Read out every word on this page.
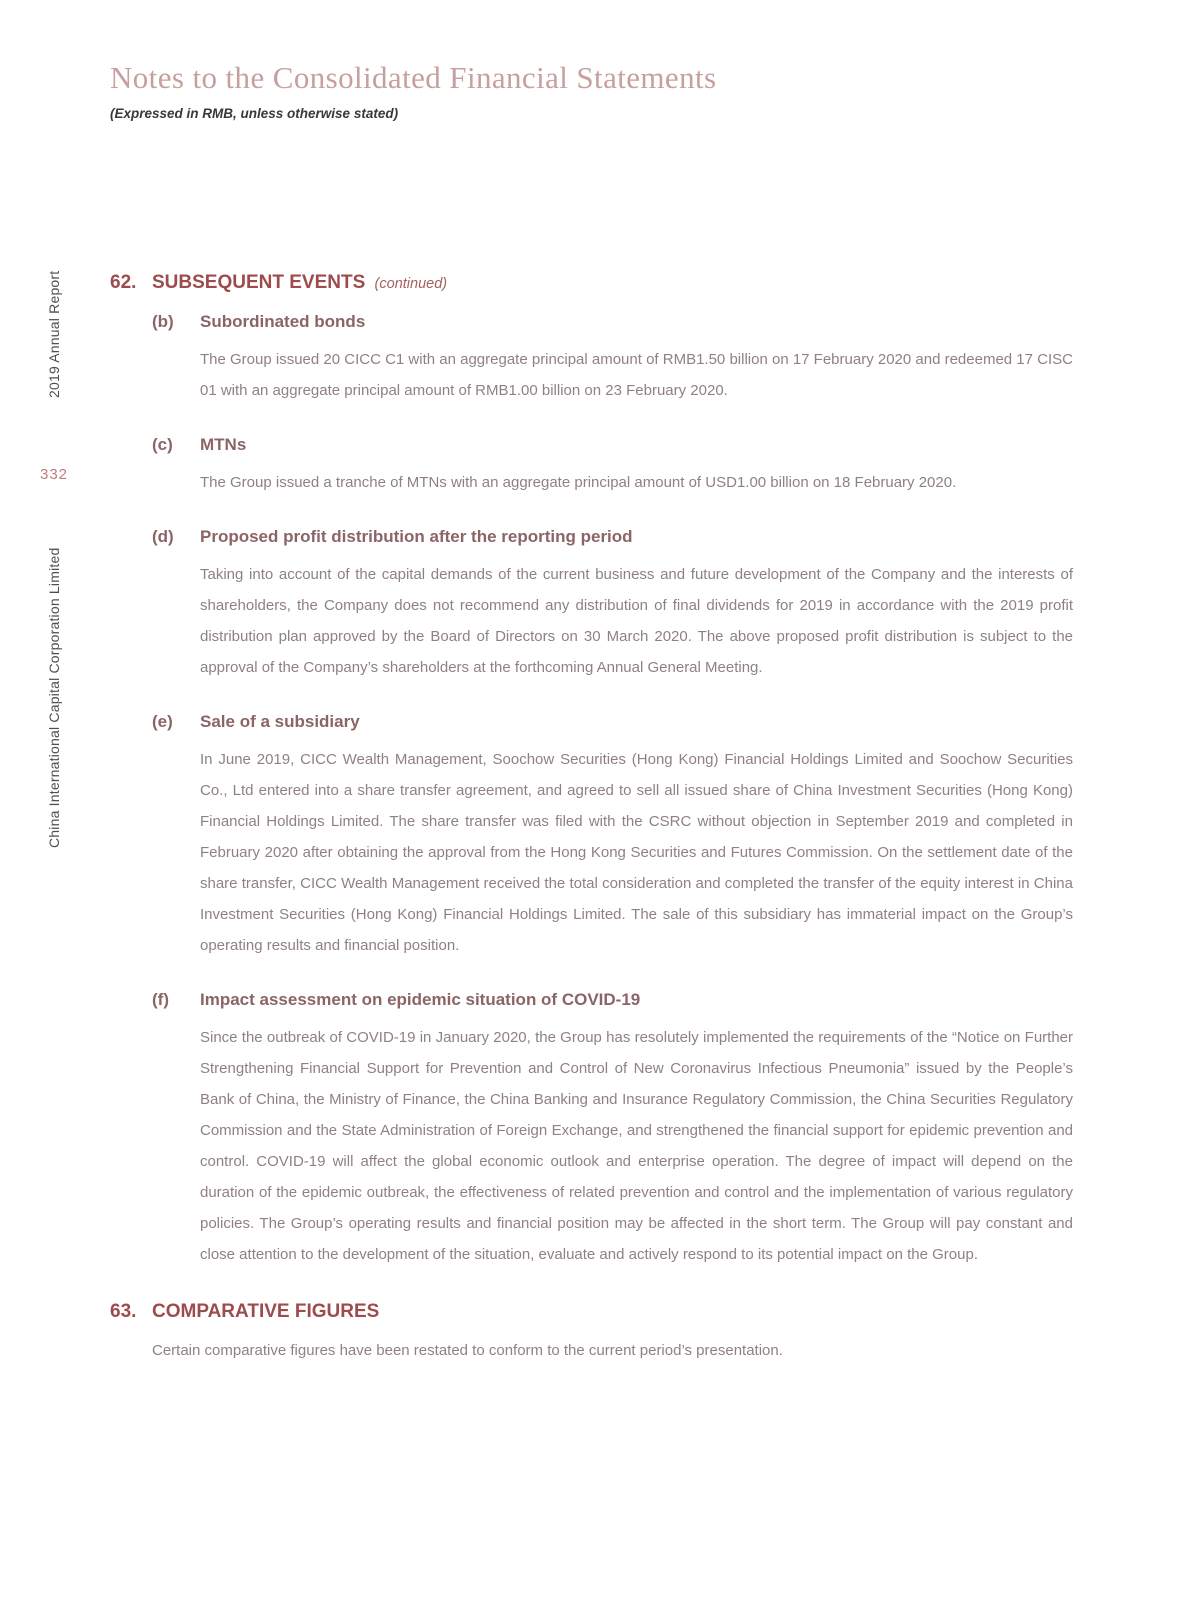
2019 Annual Report
332
China International Capital Corporation Limited
Notes to the Consolidated Financial Statements
(Expressed in RMB, unless otherwise stated)
62. SUBSEQUENT EVENTS (continued)
(b)	Subordinated bonds

The Group issued 20 CICC C1 with an aggregate principal amount of RMB1.50 billion on 17 February 2020 and redeemed 17 CISC 01 with an aggregate principal amount of RMB1.00 billion on 23 February 2020.

(c)	MTNs

The Group issued a tranche of MTNs with an aggregate principal amount of USD1.00 billion on 18 February 2020.

(d)	Proposed profit distribution after the reporting period

Taking into account of the capital demands of the current business and future development of the Company and the interests of shareholders, the Company does not recommend any distribution of final dividends for 2019 in accordance with the 2019 profit distribution plan approved by the Board of Directors on 30 March 2020. The above proposed profit distribution is subject to the approval of the Company’s shareholders at the forthcoming Annual General Meeting.

(e)	Sale of a subsidiary

In June 2019, CICC Wealth Management, Soochow Securities (Hong Kong) Financial Holdings Limited and Soochow Securities Co., Ltd entered into a share transfer agreement, and agreed to sell all issued share of China Investment Securities (Hong Kong) Financial Holdings Limited. The share transfer was filed with the CSRC without objection in September 2019 and completed in February 2020 after obtaining the approval from the Hong Kong Securities and Futures Commission. On the settlement date of the share transfer, CICC Wealth Management received the total consideration and completed the transfer of the equity interest in China Investment Securities (Hong Kong) Financial Holdings Limited. The sale of this subsidiary has immaterial impact on the Group’s operating results and financial position.

(f)	Impact assessment on epidemic situation of COVID-19

Since the outbreak of COVID-19 in January 2020, the Group has resolutely implemented the requirements of the “Notice on Further Strengthening Financial Support for Prevention and Control of New Coronavirus Infectious Pneumonia” issued by the People’s Bank of China, the Ministry of Finance, the China Banking and Insurance Regulatory Commission, the China Securities Regulatory Commission and the State Administration of Foreign Exchange, and strengthened the financial support for epidemic prevention and control. COVID-19 will affect the global economic outlook and enterprise operation. The degree of impact will depend on the duration of the epidemic outbreak, the effectiveness of related prevention and control and the implementation of various regulatory policies. The Group’s operating results and financial position may be affected in the short term. The Group will pay constant and close attention to the development of the situation, evaluate and actively respond to its potential impact on the Group.

63. COMPARATIVE FIGURES

Certain comparative figures have been restated to conform to the current period’s presentation.
